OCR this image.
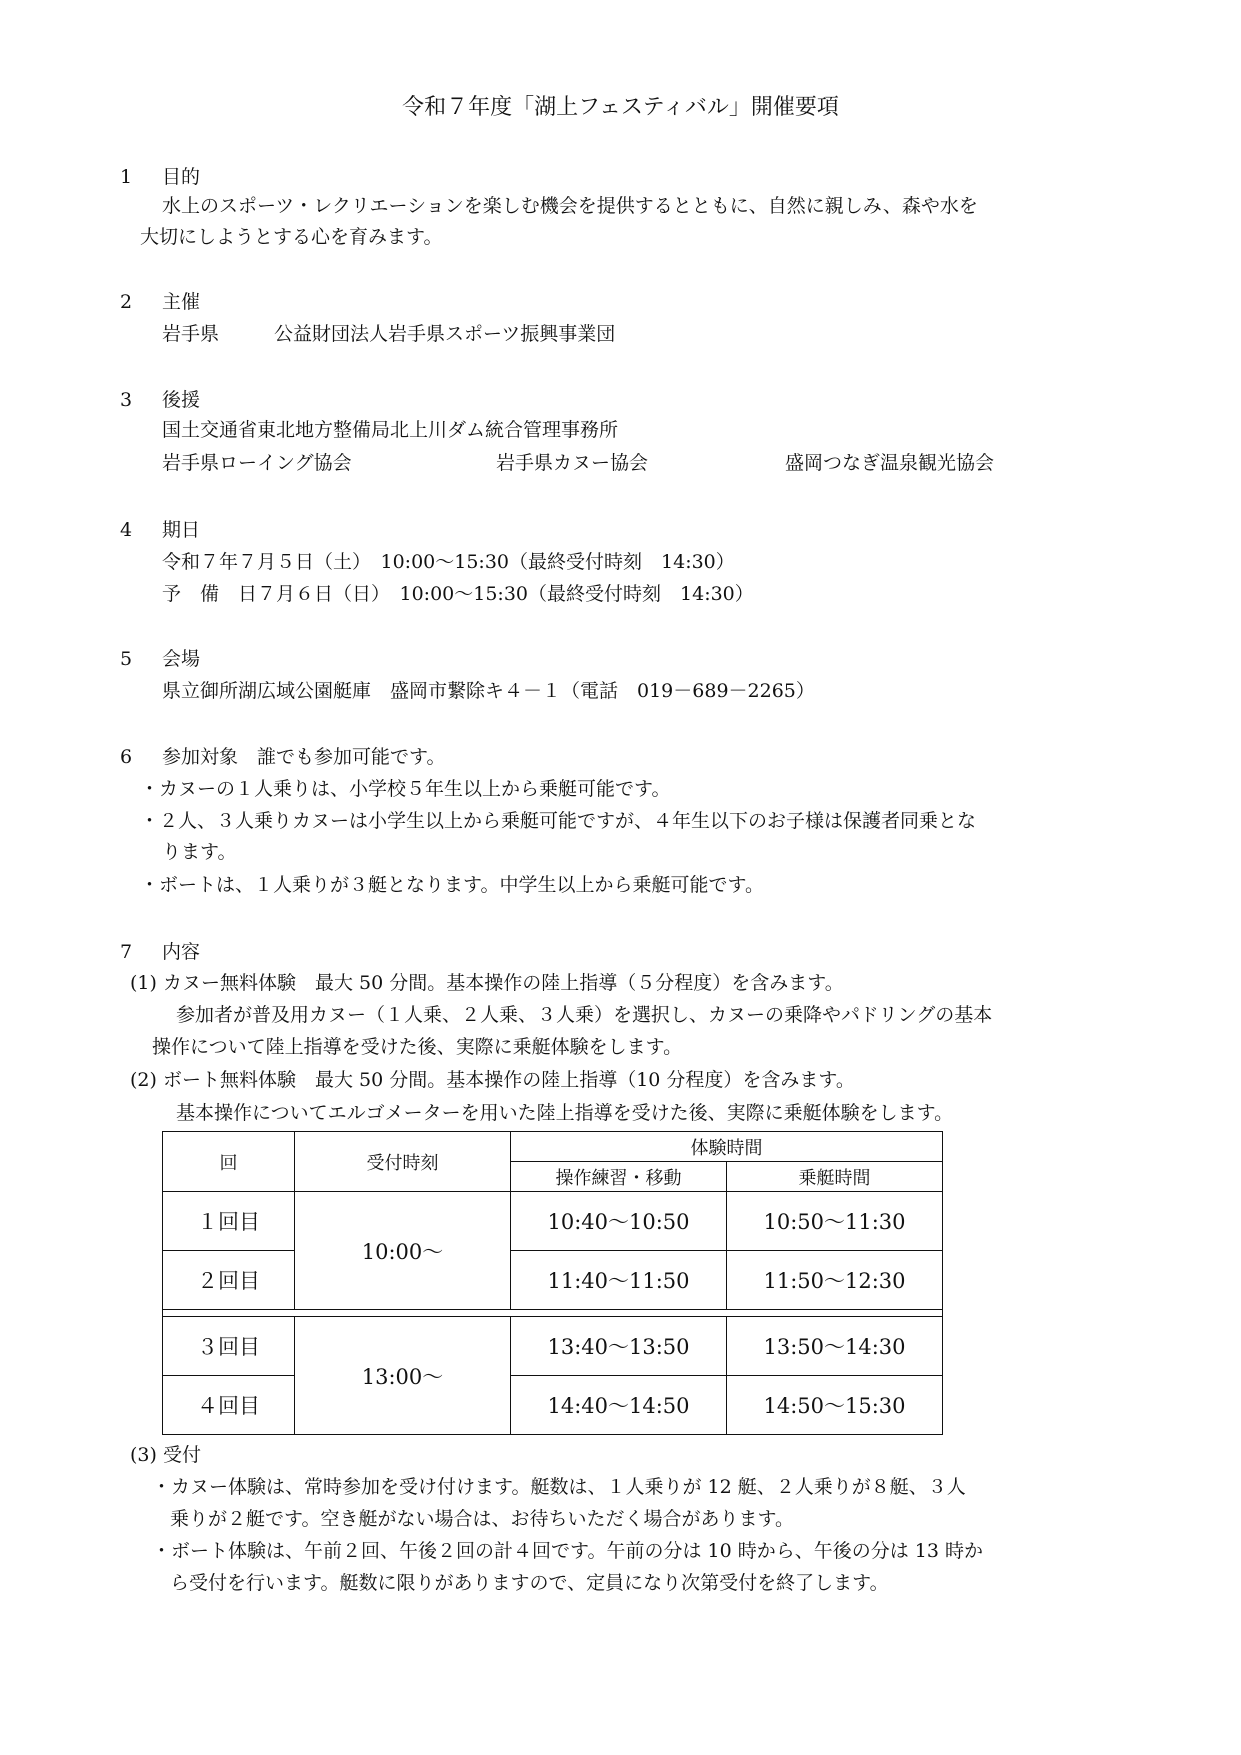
令和７年度「湖上フェスティバル」開催要項
1 目的
水上のスポーツ・レクリエーションを楽しむ機会を提供するとともに、自然に親しみ、森や水を
大切にしようとする心を育みます。
2 主催
岩手県	公益財団法人岩手県スポーツ振興事業団
3 後援
国土交通省東北地方整備局北上川ダム統合管理事務所
岩手県ローイング協会	岩手県カヌー協会	盛岡つなぎ温泉観光協会
4 期日
令和７年７月５日（土）　10:00～15:30（最終受付時刻　14:30）
予　備　日７月６日（日）　10:00～15:30（最終受付時刻　14:30）
5 会場
県立御所湖広域公園艇庫　盛岡市繋除キ４－１（電話　019－689－2265）
6 参加対象　誰でも参加可能です。
・カヌーの１人乗りは、小学校５年生以上から乗艇可能です。
・２人、３人乗りカヌーは小学生以上から乗艇可能ですが、４年生以下のお子様は保護者同乗とな
ります。
・ボートは、１人乗りが３艇となります。中学生以上から乗艇可能です。
7 内容
(1) カヌー無料体験　最大 50 分間。基本操作の陸上指導（５分程度）を含みます。
参加者が普及用カヌー（１人乗、２人乗、３人乗）を選択し、カヌーの乗降やパドリングの基本
操作について陸上指導を受けた後、実際に乗艇体験をします。
(2) ボート無料体験　最大 50 分間。基本操作の陸上指導（10 分程度）を含みます。
基本操作についてエルゴメーターを用いた陸上指導を受けた後、実際に乗艇体験をします。
回	受付時刻	体験時間	
		操作練習・移動	乗艇時間
１回目	10:00～	10:40～10:50	10:50～11:30
２回目		11:40～11:50	11:50～12:30

３回目	13:00～	13:40～13:50	13:50～14:30
４回目		14:40～14:50	14:50～15:30
(3) 受付
・カヌー体験は、常時参加を受け付けます。艇数は、１人乗りが 12 艇、２人乗りが８艇、３人
乗りが２艇です。空き艇がない場合は、お待ちいただく場合があります。
・ボート体験は、午前２回、午後２回の計４回です。午前の分は 10 時から、午後の分は 13 時か
ら受付を行います。艇数に限りがありますので、定員になり次第受付を終了します。
